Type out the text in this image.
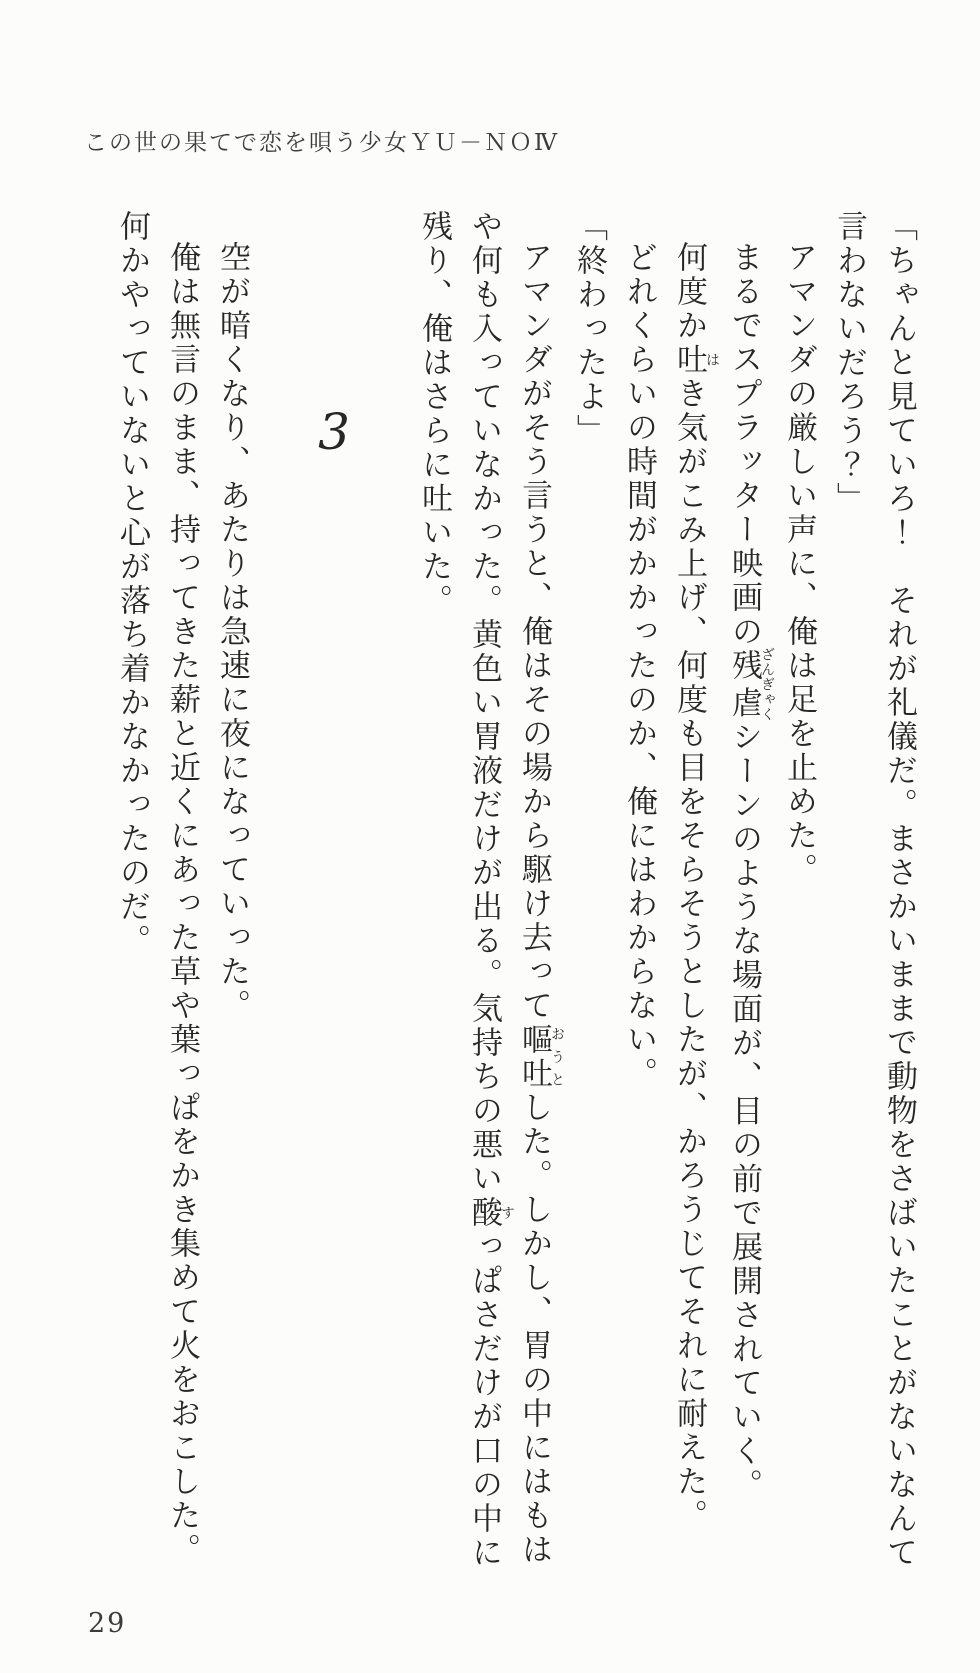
この世の果てで恋を唄う少女ＹＵ－ＮＯⅣ
「ちゃんと見ていろ！　それが礼儀だ。まさかいままで動物をさばいたことがないなんて言わないだろう？」
アマンダの厳しい声に、俺は足を止めた。
まるでスプラッター映画の残虐ざんぎゃくシーンのような場面が、目の前で展開されていく。
何度か吐はき気がこみ上げ、何度も目をそらそうとしたが、かろうじてそれに耐えた。
どれくらいの時間がかかったのか、俺にはわからない。
「終わったよ」
アマンダがそう言うと、俺はその場から駆け去って嘔吐おうとした。しかし、胃の中にはもはや何も入っていなかった。黄色い胃液だけが出る。気持ちの悪い酸すっぱさだけが口の中に残り、俺はさらに吐いた。
3
空が暗くなり、あたりは急速に夜になっていった。
俺は無言のまま、持ってきた薪と近くにあった草や葉っぱをかき集めて火をおこした。何かやっていないと心が落ち着かなかったのだ。
29
